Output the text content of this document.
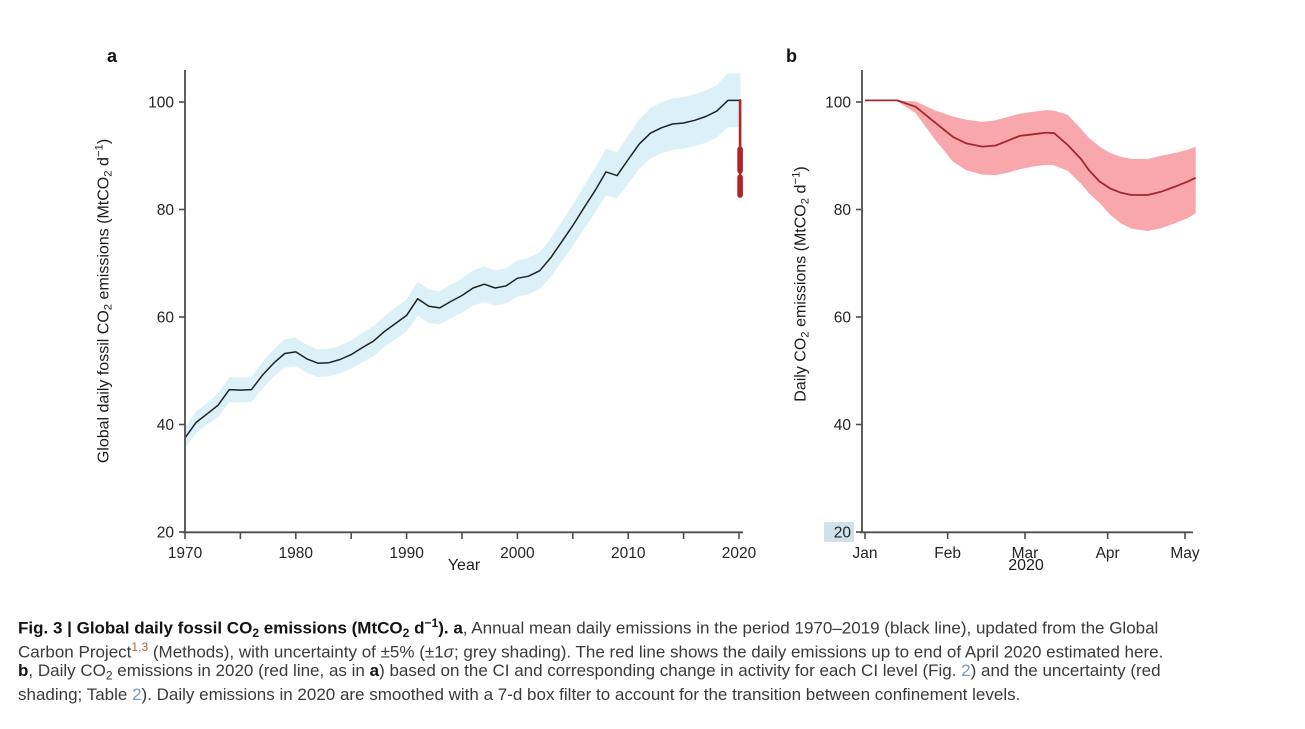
20
40
60
80
100
1970	1980	1990	2000	2010	2020
20
40
60
80
100
Jan	Feb	Mar	Apr	May
a	b
Global daily fossil $CO_2$ emissions (MtCO$_2$ $d^{-1}$)
Daily $CO_2$ emissions (MtCO$_2$ $d^{-1}$)
Year	2020
Fig. 3 | Global daily fossil $CO_2$ emissions (MtCO$_2$ $d^{-1}$). a, Annual mean daily emissions in the period 1970–2019 (black line), updated from the Global
Carbon Project$^{1,3}$ (Methods), with uncertainty of ±5% (±1σ; grey shading). The red line shows the daily emissions up to end of April 2020 estimated here.
b, Daily $CO_2$ emissions in 2020 (red line, as in a) based on the CI and corresponding change in activity for each CI level (Fig. 2) and the uncertainty (red
shading; Table 2). Daily emissions in 2020 are smoothed with a 7-d box filter to account for the transition between confinement levels.
